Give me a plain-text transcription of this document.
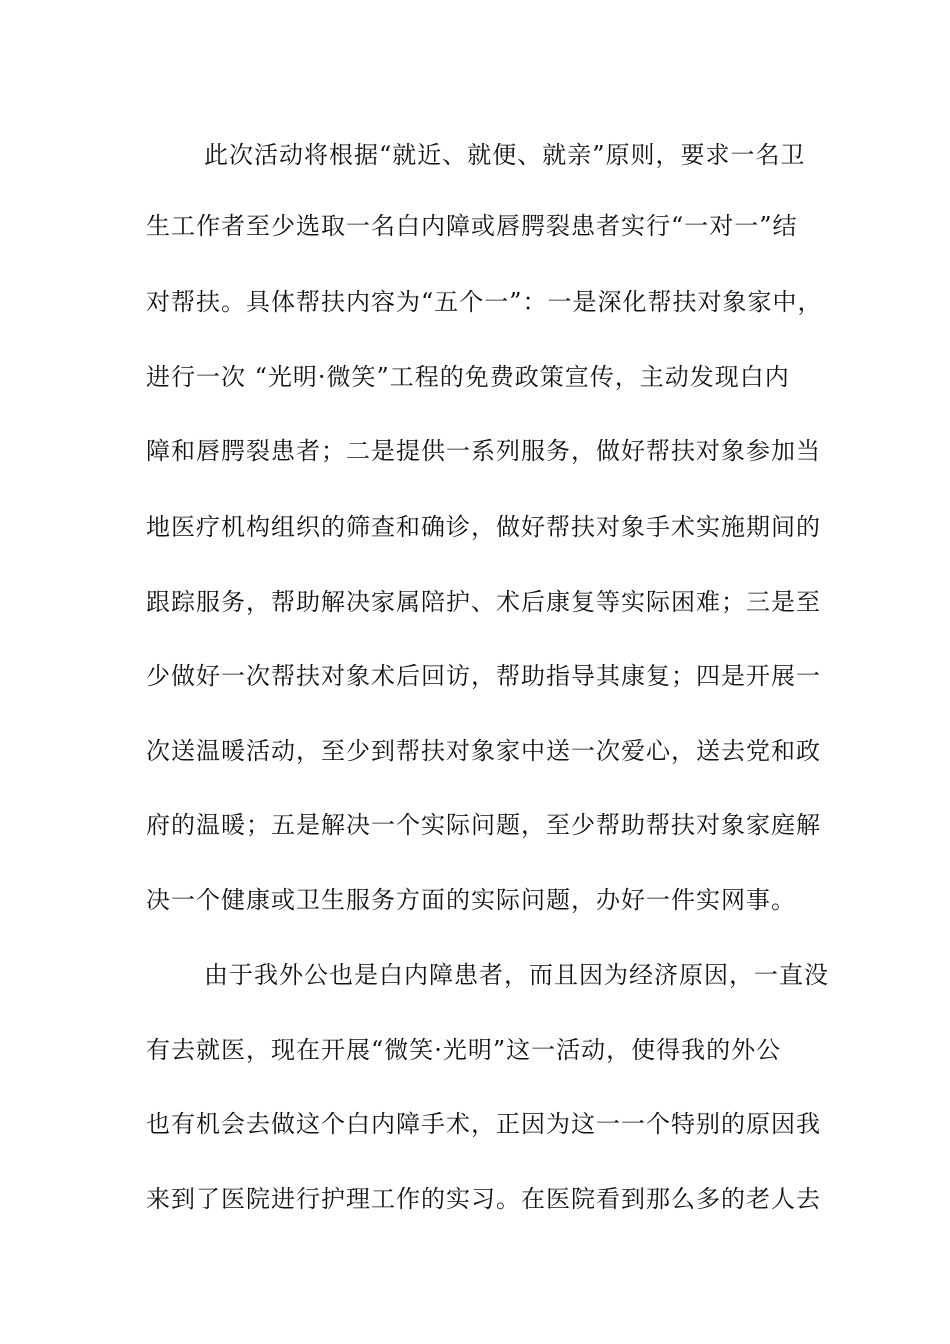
此次活动将根据“就近、就便、就亲”原则，要求一名卫
生工作者至少选取一名白内障或唇腭裂患者实行“一对一”结
对帮扶。具体帮扶内容为“五个一”：一是深化帮扶对象家中，
进行一次 “光明·微笑”工程的免费政策宣传，主动发现白内
障和唇腭裂患者；二是提供一系列服务，做好帮扶对象参加当
地医疗机构组织的筛查和确诊，做好帮扶对象手术实施期间的
跟踪服务，帮助解决家属陪护、术后康复等实际困难；三是至
少做好一次帮扶对象术后回访，帮助指导其康复；四是开展一
次送温暖活动，至少到帮扶对象家中送一次爱心，送去党和政
府的温暖；五是解决一个实际问题，至少帮助帮扶对象家庭解
决一个健康或卫生服务方面的实际问题，办好一件实网事。
由于我外公也是白内障患者，而且因为经济原因，一直没
有去就医，现在开展“微笑·光明”这一活动，使得我的外公
也有机会去做这个白内障手术，正因为这一一个特别的原因我
来到了医院进行护理工作的实习。在医院看到那么多的老人去
